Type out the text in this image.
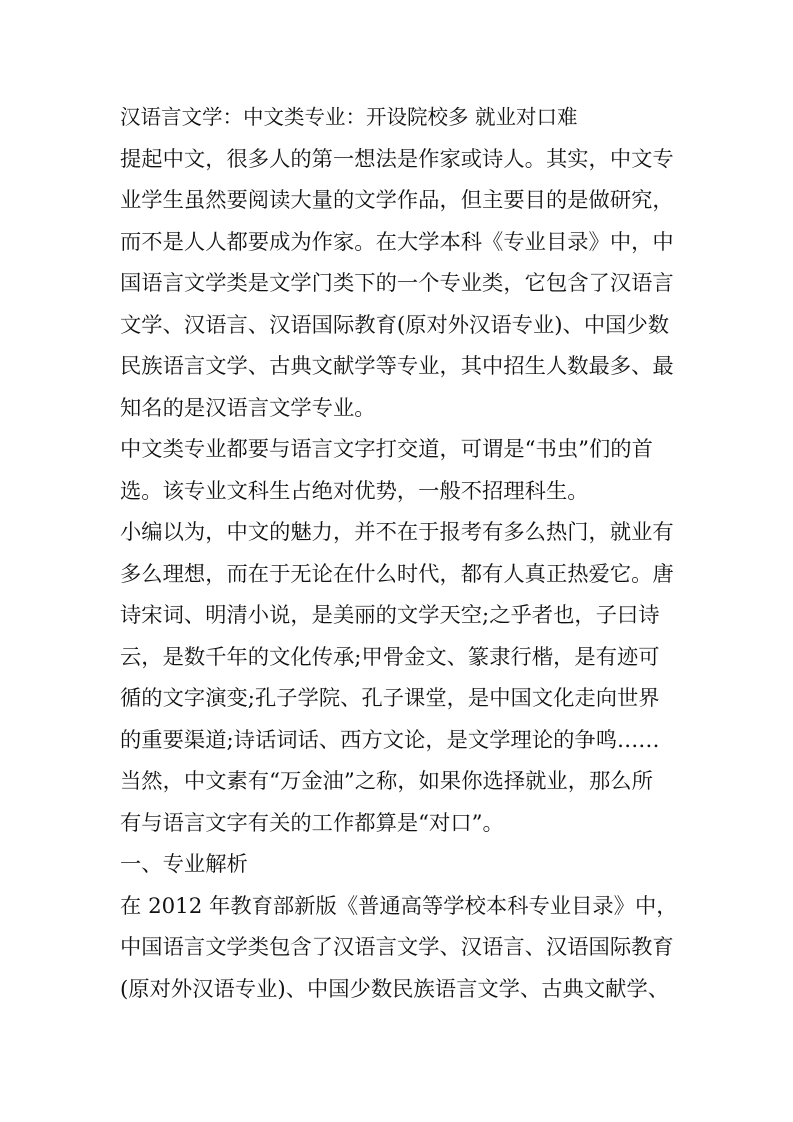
汉语言文学：中文类专业：开设院校多 就业对口难
提起中文，很多人的第一想法是作家或诗人。其实，中文专
业学生虽然要阅读大量的文学作品，但主要目的是做研究，
而不是人人都要成为作家。在大学本科《专业目录》中，中
国语言文学类是文学门类下的一个专业类，它包含了汉语言
文学、汉语言、汉语国际教育(原对外汉语专业)、中国少数
民族语言文学、古典文献学等专业，其中招生人数最多、最
知名的是汉语言文学专业。
中文类专业都要与语言文字打交道，可谓是“书虫”们的首
选。该专业文科生占绝对优势，一般不招理科生。
小编以为，中文的魅力，并不在于报考有多么热门，就业有
多么理想，而在于无论在什么时代，都有人真正热爱它。唐
诗宋词、明清小说，是美丽的文学天空;之乎者也，子曰诗
云，是数千年的文化传承;甲骨金文、篆隶行楷，是有迹可
循的文字演变;孔子学院、孔子课堂，是中国文化走向世界
的重要渠道;诗话词话、西方文论，是文学理论的争鸣……
当然，中文素有“万金油”之称，如果你选择就业，那么所
有与语言文字有关的工作都算是“对口”。
一、专业解析
在 2012 年教育部新版《普通高等学校本科专业目录》中，
中国语言文学类包含了汉语言文学、汉语言、汉语国际教育
(原对外汉语专业)、中国少数民族语言文学、古典文献学、
